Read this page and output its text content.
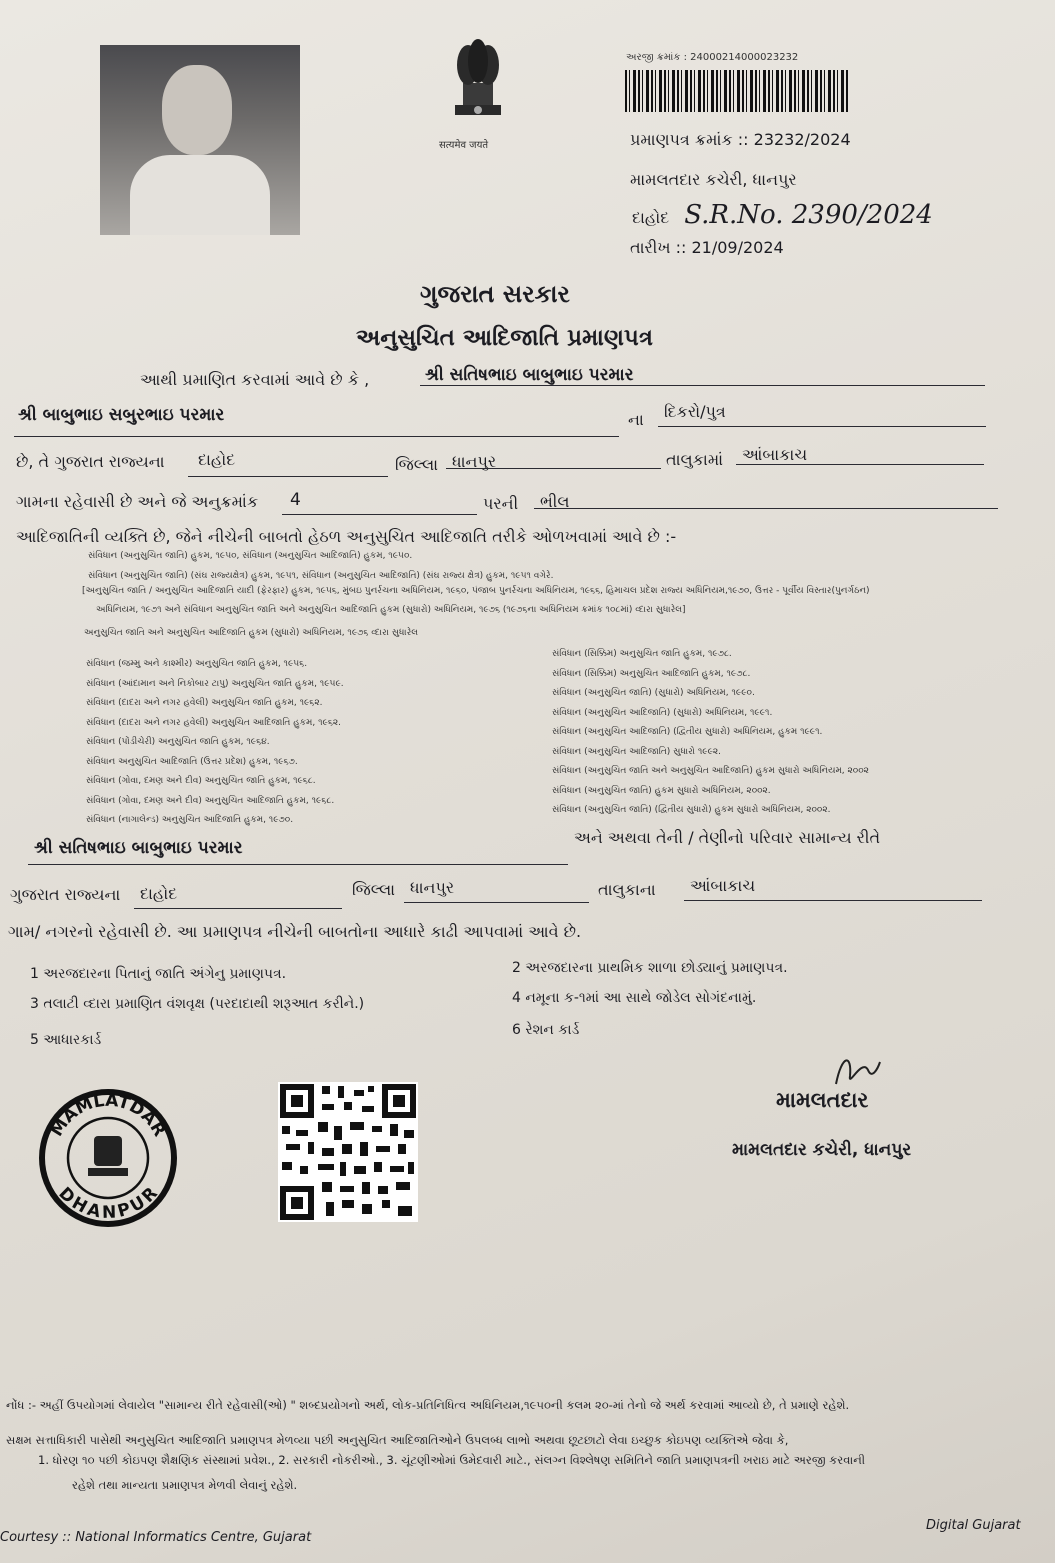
सत्यमेव जयते
અરજી ક્રમાંક : 24000214000023232
પ્રમાણપત્ર ક્રમાંક :: 23232/2024
મામલતદાર કચેરી, ધાનપુર
દાહોદ S.R.No. 2390/2024
તારીખ :: 21/09/2024
ગુજરાત સરકાર
અનુસુચિત આદિજાતિ પ્રમાણપત્ર
આથી પ્રમાણિત કરવામાં આવે છે કે ,	શ્રી સતિષભાઇ બાબુભાઇ પરમાર
શ્રી બાબુભાઇ સબુરભાઇ પરમાર	ના દિકરો/પુત્ર
છે, તે ગુજરાત રાજ્યના દાહોદ	જિલ્લા ધાનપુર	તાલુકામાં આંબાકાચ
ગામના રહેવાસી છે અને જે અનુક્રમાંક 4	પરની ભીલ
આદિજાતિની વ્યક્તિ છે, જેને નીચેની બાબતો હેઠળ અનુસુચિત આદિજાતિ તરીકે ઓળખવામાં આવે છે :-
સંવિધાન (અનુસુચિત જાતિ) હુકમ, ૧૯૫૦, સંવિધાન (અનુસુચિત આદિજાતિ) હુકમ, ૧૯૫૦.
સંવિધાન (અનુસુચિત જાતિ) (સંઘ રાજ્યક્ષેત્ર) હુકમ, ૧૯૫૧, સંવિધાન (અનુસુચિત આદિજાતિ) (સંઘ રાજ્ય ક્ષેત્ર) હુકમ, ૧૯૫૧ વગેરે.
[અનુસુચિત જાતિ / અનુસુચિત આદિજાતિ યાદી (ફેરફાર) હુકમ, ૧૯૫૬, મુંબઇ પુનર્રચના અધિનિયમ, ૧૯૬૦, પંજાબ પુનર્રચના અધિનિયમ, ૧૯૬૬, હિમાચલ પ્રદેશ રાજ્ય અધિનિયમ,૧૯૭૦, ઉત્તર - પૂર્વીય વિસ્તાર(પુનર્ગઠન)
અધિનિયમ, ૧૯૭૧ અને સંવિધાન અનુસુચિત જાતિ અને અનુસુચિત આદિજાતિ હુકમ (સુધારો) અધિનિયમ, ૧૯૭૬ (૧૯૭૬ના અધિનિયમ ક્રમાંક ૧૦૮માં) વ્દારા સુધારેલ]
અનુસુચિત જાતિ અને અનુસુચિત આદિજાતિ હુકમ (સુધારો) અધિનિયમ, ૧૯૭૬ વ્દારા સુધારેલ
સંવિધાન (જમ્મુ અને કાશ્મીર) અનુસુચિત જાતિ હુકમ, ૧૯૫૬.
સંવિધાન (આંદામાન અને નિકોબાર ટાપુ) અનુસુચિત જાતિ હુકમ, ૧૯૫૯.
સંવિધાન (દાદરા અને નગર હવેલી) અનુસુચિત જાતિ હુકમ, ૧૯૬૨.
સંવિધાન (દાદરા અને નગર હવેલી) અનુસુચિત આદિજાતિ હુકમ, ૧૯૬૨.
સંવિધાન (પોંડીચેરી) અનુસુચિત જાતિ હુકમ, ૧૯૬૪.
સંવિધાન અનુસુચિત આદિજાતિ (ઉત્તર પ્રદેશ) હુકમ, ૧૯૬૭.
સંવિધાન (ગોવા, દમણ અને દીવ) અનુસુચિત જાતિ હુકમ, ૧૯૬૮.
સંવિધાન (ગોવા, દમણ અને દીવ) અનુસુચિત આદિજાતિ હુકમ, ૧૯૬૮.
સંવિધાન (નાગાલેન્ડ) અનુસુચિત આદિજાતિ હુકમ, ૧૯૭૦.
સંવિધાન (સિક્કિમ) અનુસુચિત જાતિ હુકમ, ૧૯૭૮.
સંવિધાન (સિક્કિમ) અનુસુચિત આદિજાતિ હુકમ, ૧૯૭૮.
સંવિધાન (અનુસુચિત જાતિ) (સુધારો) અધિનિયમ, ૧૯૯૦.
સંવિધાન (અનુસુચિત આદિજાતિ) (સુધારો) અધિનિયમ, ૧૯૯૧.
સંવિધાન (અનુસુચિત આદિજાતિ) (દ્વિતીય સુધારો) અધિનિયમ, હુકમ ૧૯૯૧.
સંવિધાન (અનુસુચિત આદિજાતિ) સુધારો ૧૯૯૨.
સંવિધાન (અનુસુચિત જાતિ અને અનુસુચિત આદિજાતિ) હુકમ સુધારો અધિનિયમ, ૨૦૦૨
સંવિધાન (અનુસુચિત જાતિ) હુકમ સુધારો અધિનિયમ, ૨૦૦૨.
સંવિધાન (અનુસુચિત જાતિ) (દ્વિતીય સુધારો) હુકમ સુધારો અધિનિયમ, ૨૦૦૨.
શ્રી સતિષભાઇ બાબુભાઇ પરમાર
અને અથવા તેની / તેણીનો પરિવાર સામાન્ય રીતે
ગુજરાત રાજ્યના દાહોદ	જિલ્લા ધાનપુર	તાલુકાના આંબાકાચ
ગામ/ નગરનો રહેવાસી છે. આ પ્રમાણપત્ર નીચેની બાબતોના આધારે કાઢી આપવામાં આવે છે.
1 અરજદારના પિતાનું જાતિ અંગેનુ પ્રમાણપત્ર.	2 અરજદારના પ્રાથમિક શાળા છોડ્યાનું પ્રમાણપત્ર.
3 તલાટી વ્દારા પ્રમાણિત વંશવૃક્ષ (પરદાદાથી શરૂઆત કરીને.)	4 નમૂના ક-૧માં આ સાથે જોડેલ સોગંદનામું.
5 આધારકાર્ડ
6 રેશન કાર્ડ
MAMLATDAR
DHANPUR
મામલતદાર
મામલતદાર કચેરી, ધાનપુર
નોંધ :- અહીં ઉપયોગમાં લેવાયેલ "સામાન્ય રીતે રહેવાસી(ઓ) " શબ્દપ્રયોગનો અર્થ, લોક-પ્રતિનિધિત્વ અધિનિયમ,૧૯૫૦ની કલમ ૨૦-માં તેનો જે અર્થ કરવામાં આવ્યો છે, તે પ્રમાણે રહેશે.
સક્ષમ સત્તાધિકારી પાસેથી અનુસુચિત આદિજાતિ પ્રમાણપત્ર મેળવ્યા પછી અનુસુચિત આદિજાતિઓને ઉપલબ્ધ લાભો અથવા છૂટછાટો લેવા ઇચ્છુક કોઇપણ વ્યક્તિએ જેવા કે,
1. ધોરણ ૧૦ પછી કોઇપણ શૈક્ષણિક સંસ્થામાં પ્રવેશ., 2. સરકારી નોકરીઓ., 3. ચૂંટણીઓમાં ઉમેદવારી માટે., સંલગ્ન વિશ્લેષણ સમિતિને જાતિ પ્રમાણપત્રની ખરાઇ માટે અરજી કરવાની
રહેશે તથા માન્યતા પ્રમાણપત્ર મેળવી લેવાનું રહેશે.
Courtesy :: National Informatics Centre, Gujarat
Digital Gujarat
